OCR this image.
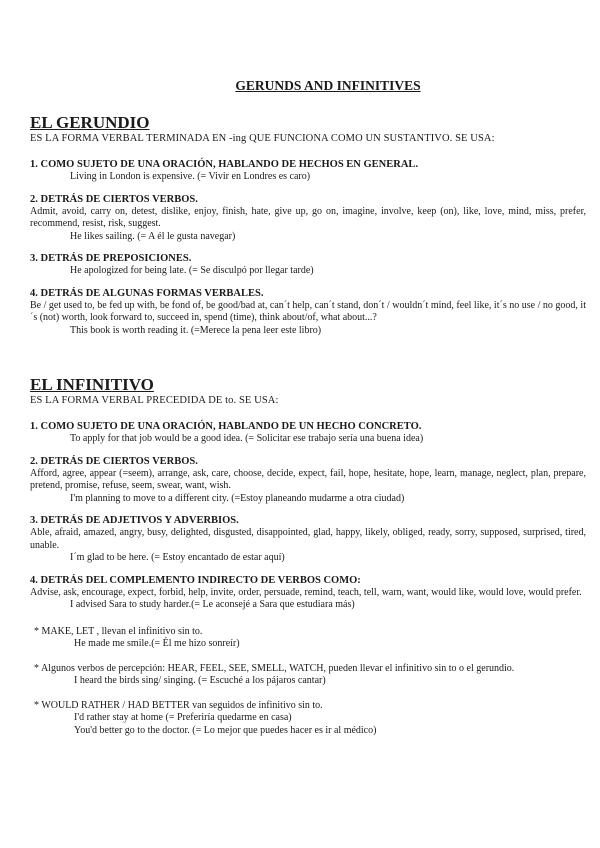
GERUNDS AND INFINITIVES
EL GERUNDIO
ES LA FORMA VERBAL TERMINADA EN -ing QUE FUNCIONA COMO UN SUSTANTIVO. SE USA:
1. COMO SUJETO DE UNA ORACIÓN, HABLANDO DE HECHOS EN GENERAL.
Living in London is expensive. (= Vivir en Londres es caro)
2. DETRÁS DE CIERTOS VERBOS.
Admit, avoid, carry on, detest, dislike, enjoy, finish, hate, give up, go on, imagine, involve, keep (on), like, love, mind, miss, prefer, recommend, resist, risk, suggest.
He likes sailing. (= A él le gusta navegar)
3. DETRÁS DE PREPOSICIONES.
He apologized for being late. (= Se disculpó por llegar tarde)
4. DETRÁS DE ALGUNAS FORMAS VERBALES.
Be / get used to, be fed up with, be fond of, be good/bad at, can´t help, can´t stand, don´t / wouldn´t mind, feel like, it´s no use / no good, it´s (not) worth, look forward to, succeed in, spend (time), think about/of, what about...?
This book is worth reading it. (=Merece la pena leer este libro)
EL INFINITIVO
ES LA FORMA VERBAL PRECEDIDA DE to. SE USA:
1. COMO SUJETO DE UNA ORACIÓN, HABLANDO DE UN HECHO CONCRETO.
To apply for that job would be a good idea. (= Solicitar ese trabajo sería una buena idea)
2. DETRÁS DE CIERTOS VERBOS.
Afford, agree, appear (=seem), arrange, ask, care, choose, decide, expect, fail, hope, hesitate, hope, learn, manage, neglect, plan, prepare, pretend, promise, refuse, seem, swear, want, wish.
I'm planning to move to a different city. (=Estoy planeando mudarme a otra ciudad)
3. DETRÁS DE ADJETIVOS Y ADVERBIOS.
Able, afraid, amazed, angry, busy, delighted, disgusted, disappointed, glad, happy, likely, obliged, ready, sorry, supposed, surprised, tired, unable.
I´m glad to be here. (= Estoy encantado de estar aquí)
4. DETRÁS DEL COMPLEMENTO INDIRECTO DE VERBOS COMO:
Advise, ask, encourage, expect, forbid, help, invite, order, persuade, remind, teach, tell, warn, want, would like, would love, would prefer.
I advised Sara to study harder.(= Le aconsejé a Sara que estudiara más)
* MAKE, LET , llevan el infinitivo sin to.
He made me smile.(= Él me hizo sonreír)
* Algunos verbos de percepción: HEAR, FEEL, SEE, SMELL, WATCH, pueden llevar el infinitivo sin to o el gerundio.
I heard the birds sing/ singing. (= Escuché a los pájaros cantar)
* WOULD RATHER / HAD BETTER van seguidos de infinitivo sin to.
I'd rather stay at home (= Preferiría quedarme en casa)
You'd better go to the doctor. (= Lo mejor que puedes hacer es ir al médico)
